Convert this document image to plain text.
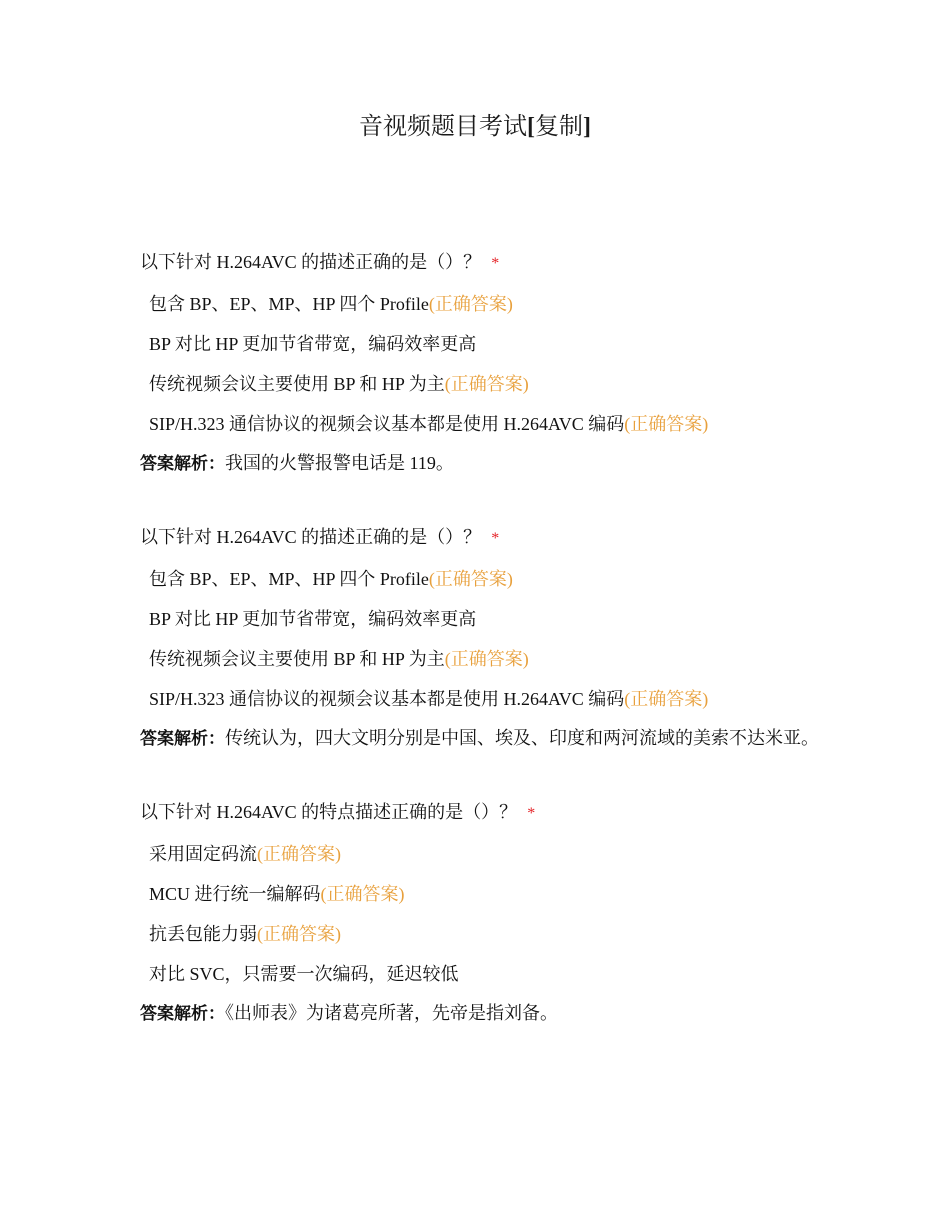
音视频题目考试[复制]

以下针对 H.264AVC 的描述正确的是（）？ *

包含 BP、EP、MP、HP 四个 Profile(正确答案)

BP 对比 HP 更加节省带宽，编码效率更高

传统视频会议主要使用 BP 和 HP 为主(正确答案)

SIP/H.323 通信协议的视频会议基本都是使用 H.264AVC 编码(正确答案)

答案解析：我国的火警报警电话是 119。

以下针对 H.264AVC 的描述正确的是（）？ *

包含 BP、EP、MP、HP 四个 Profile(正确答案)

BP 对比 HP 更加节省带宽，编码效率更高

传统视频会议主要使用 BP 和 HP 为主(正确答案)

SIP/H.323 通信协议的视频会议基本都是使用 H.264AVC 编码(正确答案)

答案解析：传统认为，四大文明分别是中国、埃及、印度和两河流域的美索不达米亚。

以下针对 H.264AVC 的特点描述正确的是（）？ *

采用固定码流(正确答案)

MCU 进行统一编解码(正确答案)

抗丢包能力弱(正确答案)

对比 SVC，只需要一次编码，延迟较低

答案解析：《出师表》为诸葛亮所著，先帝是指刘备。
